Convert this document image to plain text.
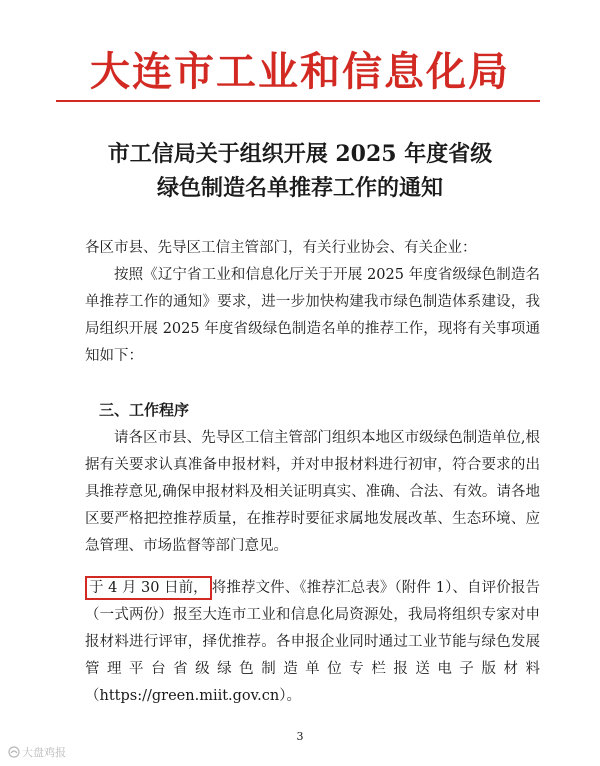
大连市工业和信息化局
市工信局关于组织开展 2025 年度省级
绿色制造名单推荐工作的通知
各区市县、先导区工信主管部门，有关行业协会、有关企业：
按照《辽宁省工业和信息化厅关于开展 2025 年度省级绿色制造名单推荐工作的通知》要求，进一步加快构建我市绿色制造体系建设，我局组织开展 2025 年度省级绿色制造名单的推荐工作，现将有关事项通知如下：
三、工作程序
请各区市县、先导区工信主管部门组织本地区市级绿色制造单位,根据有关要求认真准备申报材料，并对申报材料进行初审，符合要求的出具推荐意见,确保申报材料及相关证明真实、准确、合法、有效。请各地区要严格把控推荐质量，在推荐时要征求属地发展改革、生态环境、应急管理、市场监督等部门意见。
于 4 月 30 日前， 将推荐文件、《推荐汇总表》（附件 1）、自评价报告（一式两份）报至大连市工业和信息化局资源处，我局将组织专家对申报材料进行评审，择优推荐。各申报企业同时通过工业节能与绿色发展管理平台省级绿色制造单位专栏报送电子版材料（https://green.miit.gov.cn）。
3
大盘鸡报
